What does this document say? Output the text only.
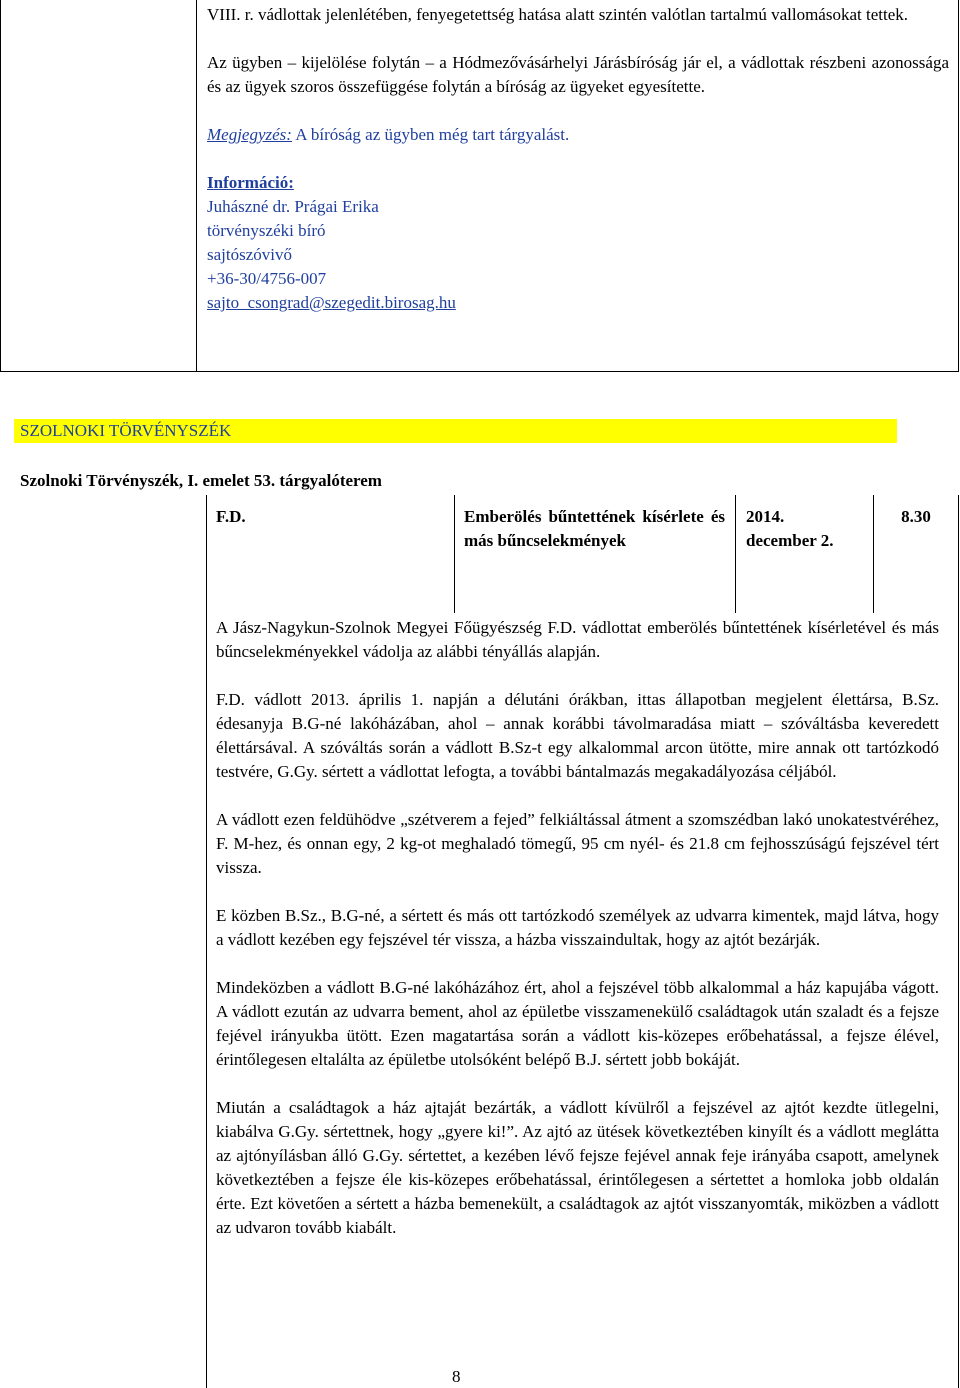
VIII. r. vádlottak jelenlétében, fenyegetettség hatása alatt szintén valótlan tartalmú vallomásokat tettek.

Az ügyben – kijelölése folytán – a Hódmezővásárhelyi Járásbíróság jár el, a vádlottak részbeni azonossága és az ügyek szoros összefüggése folytán a bíróság az ügyeket egyesítette.

Megjegyzés: A bíróság az ügyben még tart tárgyalást.

Információ:
Juhászné dr. Prágai Erika
törvényszéki bíró
sajtószóvivő
+36-30/4756-007
sajto_csongrad@szegedit.birosag.hu
SZOLNOKI TÖRVÉNYSZÉK
Szolnoki Törvényszék, I. emelet 53. tárgyalóterem
F.D.	Emberölés bűntettének kísérlete és más bűncselekmények
2014. december 2.
8.30

A Jász-Nagykun-Szolnok Megyei Főügyészség F.D. vádlottat emberölés bűntettének kísérletével és más bűncselekményekkel vádolja az alábbi tényállás alapján.

F.D. vádlott 2013. április 1. napján a délutáni órákban, ittas állapotban megjelent élettársa, B.Sz. édesanyja B.G-né lakóházában, ahol – annak korábbi távolmaradása miatt – szóváltásba keveredett élettársával. A szóváltás során a vádlott B.Sz-t egy alkalommal arcon ütötte, mire annak ott tartózkodó testvére, G.Gy. sértett a vádlottat lefogta, a további bántalmazás megakadályozása céljából.

A vádlott ezen feldühödve „szétverem a fejed” felkiáltással átment a szomszédban lakó unokatestvéréhez, F. M-hez, és onnan egy, 2 kg-ot meghaladó tömegű, 95 cm nyél- és 21.8 cm fejhosszúságú fejszével tért vissza.

E közben B.Sz., B.G-né, a sértett és más ott tartózkodó személyek az udvarra kimentek, majd látva, hogy a vádlott kezében egy fejszével tér vissza, a házba visszaindultak, hogy az ajtót bezárják.

Mindeközben a vádlott B.G-né lakóházához ért, ahol a fejszével több alkalommal a ház kapujába vágott. A vádlott ezután az udvarra bement, ahol az épületbe visszamenekülő családtagok után szaladt és a fejsze fejével irányukba ütött. Ezen magatartása során a vádlott kis-közepes erőbehatással, a fejsze élével, érintőlegesen eltalálta az épületbe utolsóként belépő B.J. sértett jobb bokáját.

Miután a családtagok a ház ajtaját bezárták, a vádlott kívülről a fejszével az ajtót kezdte ütlegelni, kiabálva G.Gy. sértettnek, hogy „gyere ki!”. Az ajtó az ütések következtében kinyílt és a vádlott meglátta az ajtónyílásban álló G.Gy. sértettet, a kezében lévő fejsze fejével annak feje irányába csapott, amelynek következtében a fejsze éle kis-közepes erőbehatással, érintőlegesen a sértettet a homloka jobb oldalán érte. Ezt követően a sértett a házba bemenekült, a családtagok az ajtót visszanyomták, miközben a vádlott az udvaron tovább kiabált.

8
